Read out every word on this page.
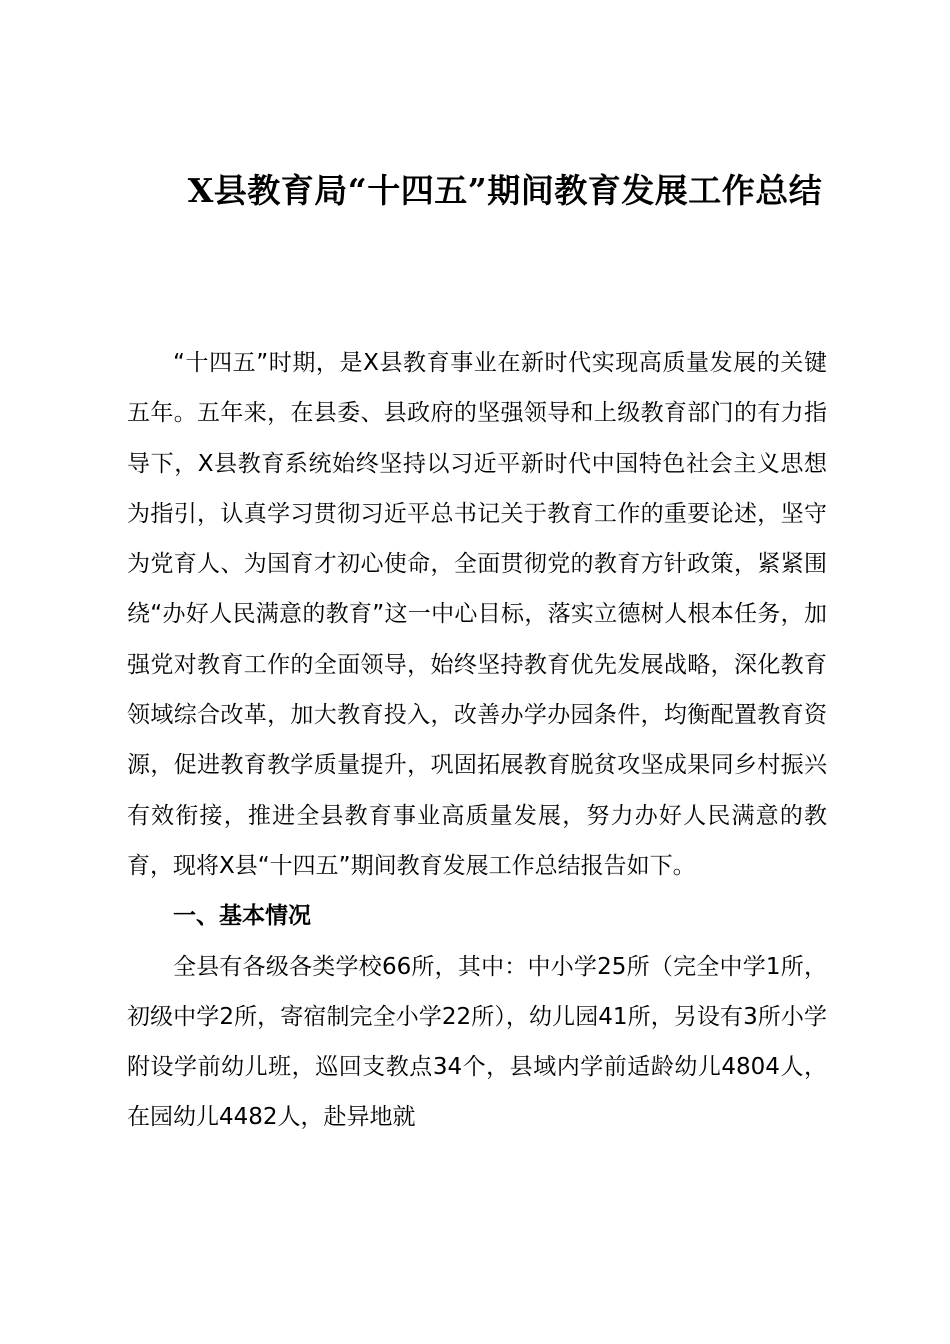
X县教育局“十四五”期间教育发展工作总结

“十四五”时期，是X县教育事业在新时代实现高质量发展的关键五年。五年来，在县委、县政府的坚强领导和上级教育部门的有力指导下，X县教育系统始终坚持以习近平新时代中国特色社会主义思想为指引，认真学习贯彻习近平总书记关于教育工作的重要论述，坚守为党育人、为国育才初心使命，全面贯彻党的教育方针政策，紧紧围绕“办好人民满意的教育”这一中心目标，落实立德树人根本任务，加强党对教育工作的全面领导，始终坚持教育优先发展战略，深化教育领域综合改革，加大教育投入，改善办学办园条件，均衡配置教育资源，促进教育教学质量提升，巩固拓展教育脱贫攻坚成果同乡村振兴有效衔接，推进全县教育事业高质量发展，努力办好人民满意的教育，现将X县“十四五”期间教育发展工作总结报告如下。

一、基本情况

全县有各级各类学校66所，其中：中小学25所（完全中学1所，初级中学2所，寄宿制完全小学22所），幼儿园41所，另设有3所小学附设学前幼儿班，巡回支教点34个，县域内学前适龄幼儿4804人，在园幼儿4482人，赴异地就
